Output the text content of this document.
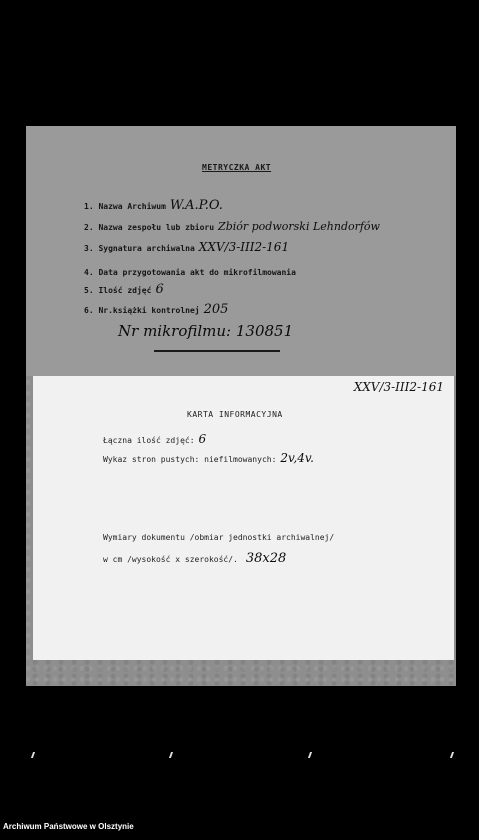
METRYCZKA AKT
1. Nazwa Archiwum W.A.P.O.
2. Nazwa zespołu lub zbioru Zbiór podworski Lehndorfów
3. Sygnatura archiwalna XXV/3-III2-161
4. Data przygotowania akt do mikrofilmowania
5. Ilość zdjęć 6
6. Nr.książki kontrolnej 205
Nr mikrofilmu: 130851
XXV/3-III2-161
KARTA INFORMACYJNA
Łączna ilość zdjęć: 6
Wykaz stron pustych: niefilmowanych: 2v,4v.
Wymiary dokumentu /obmiar jednostki archiwalnej/
w cm /wysokość x szerokość/. 38x28
Archiwum Państwowe w Olsztynie
